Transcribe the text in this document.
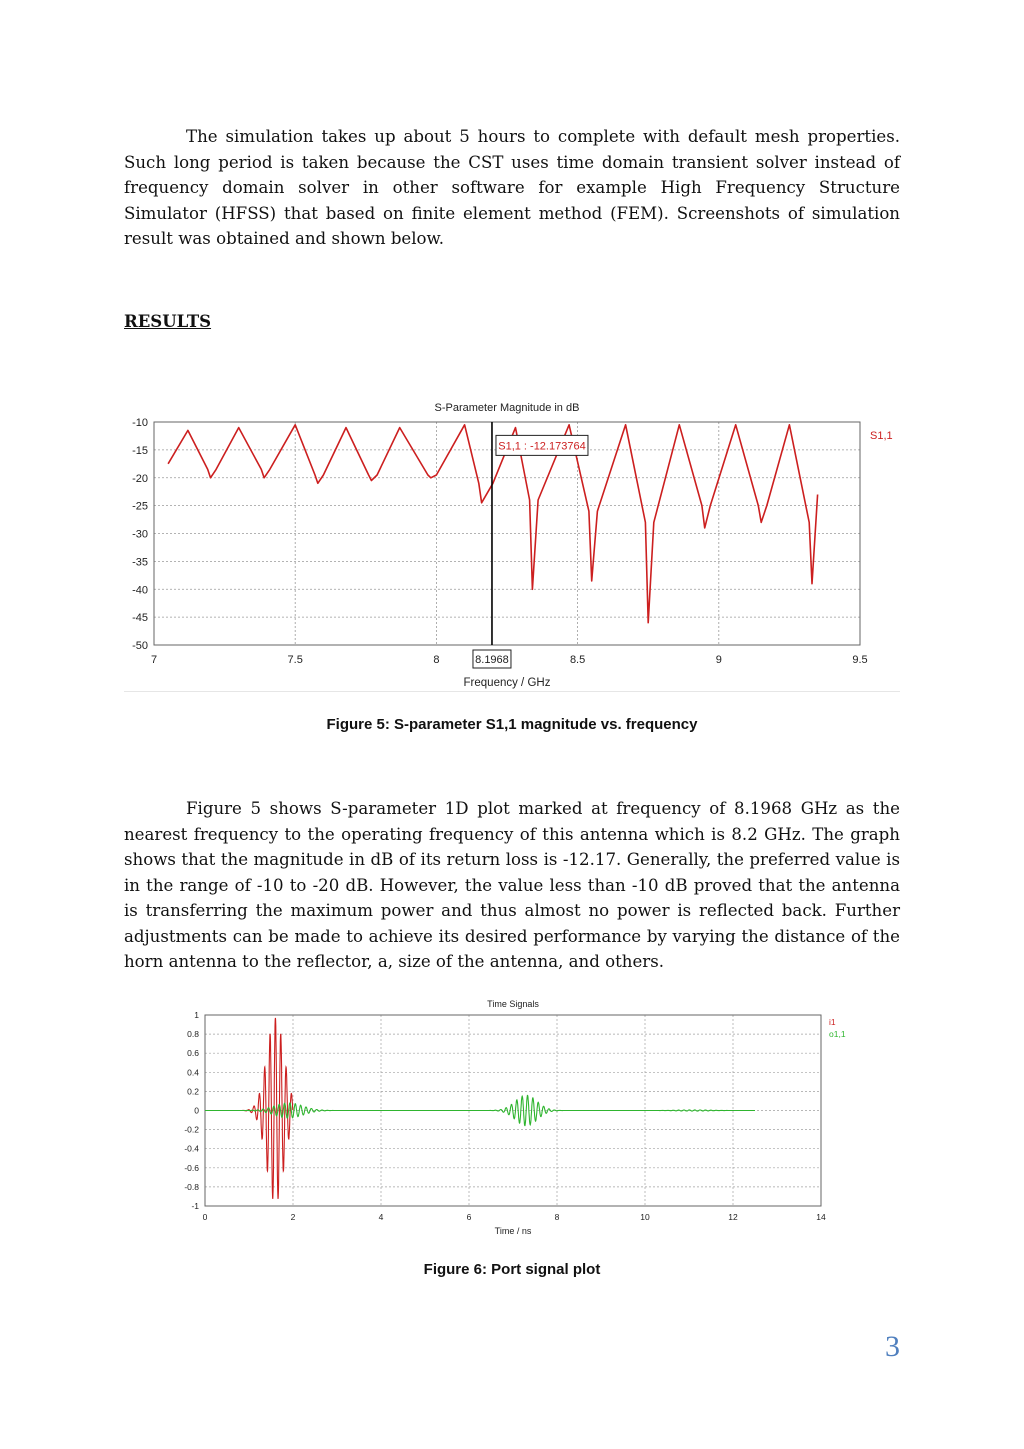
The simulation takes up about 5 hours to complete with default mesh properties. Such long period is taken because the CST uses time domain transient solver instead of frequency domain solver in other software for example High Frequency Structure Simulator (HFSS) that based on finite element method (FEM). Screenshots of simulation result was obtained and shown below.

RESULTS

S-Parameter Magnitude in dB
-10
-15
-20
-25
-30
-35
-40
-45
-50
7	7.5	8	8.5	9	9.5
S1,1 : -12.173764
8.1968
Frequency / GHz
S1,1

Figure 5: S-parameter S1,1 magnitude vs. frequency

Figure 5 shows S-parameter 1D plot marked at frequency of 8.1968 GHz as the nearest frequency to the operating frequency of this antenna which is 8.2 GHz. The graph shows that the magnitude in dB of its return loss is -12.17. Generally, the preferred value is in the range of -10 to -20 dB. However, the value less than -10 dB proved that the antenna is transferring the maximum power and thus almost no power is reflected back. Further adjustments can be made to achieve its desired performance by varying the distance of the horn antenna to the reflector, a, size of the antenna, and others.

Time Signals
1
0.8
0.6
0.4
0.2
0
-0.2
-0.4
-0.6
-0.8
-1
0	2	4	6	8	10	12	14
Time / ns
i1
o1,1

Figure 6: Port signal plot

3
